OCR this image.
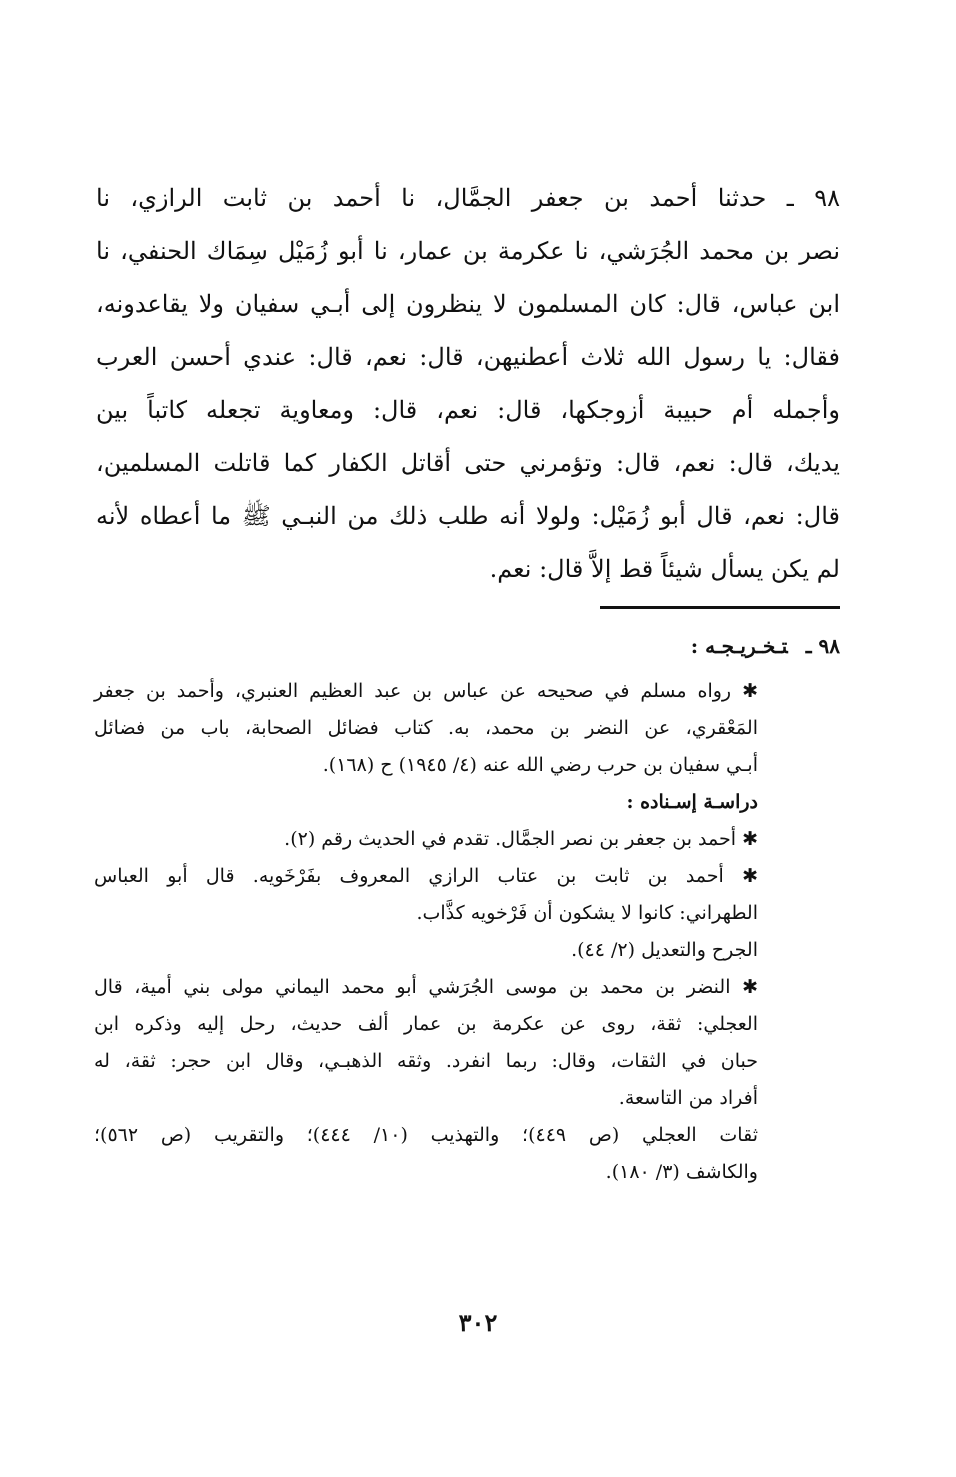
٩٨ ـ حدثنا أحمد بن جعفر الجمَّال، نا أحمد بن ثابت الرازي، نا
نصر بن محمد الجُرَشي، نا عكرمة بن عمار، نا أبو زُمَيْل سِمَاك الحنفي، نا
ابن عباس، قال: كان المسلمون لا ينظرون إلى أبـي سفيان ولا يقاعدونه،
فقال: يا رسول الله ثلاث أعطنيهن، قال: نعم، قال: عندي أحسن العرب
وأجمله أم حبيبة أزوجكها، قال: نعم، قال: ومعاوية تجعله كاتباً بين
يديك، قال: نعم، قال: وتؤمرني حتى أقاتل الكفار كما قاتلت المسلمين،
قال: نعم، قال أبو زُمَيْل: ولولا أنه طلب ذلك من النبـي ﷺ ما أعطاه لأنه
لم يكن يسأل شيئاً قط إلاَّ قال: نعم.
٩٨ ـتـخـريـجـه :
✱ رواه مسلم في صحيحه عن عباس بن عبد العظيم العنبري، وأحمد بن جعفر
المَعْقري، عن النضر بن محمد، به. كتاب فضائل الصحابة، باب من فضائل
أبـي سفيان بن حرب رضي الله عنه (٤/ ١٩٤٥) ح (١٦٨).
دراسـة إسـناده :
✱ أحمد بن جعفر بن نصر الجمَّال. تقدم في الحديث رقم (٢).
✱ أحمد بن ثابت بن عتاب الرازي المعروف بفَرْخَويه. قال أبو العباس
الطهراني: كانوا لا يشكون أن فَرْخويه كذَّاب.
الجرح والتعديل (٢/ ٤٤).
✱ النضر بن محمد بن موسى الجُرَشي أبو محمد اليماني مولى بني أمية، قال
العجلي: ثقة، روى عن عكرمة بن عمار ألف حديث، رحل إليه وذكره ابن
حبان في الثقات، وقال: ربما انفرد. وثقه الذهبـي، وقال ابن حجر: ثقة، له
أفراد من التاسعة.
ثقات العجلي (ص ٤٤٩)؛ والتهذيب (١٠/ ٤٤٤)؛ والتقريب (ص ٥٦٢)؛
والكاشف (٣/ ١٨٠).
٣٠٢
